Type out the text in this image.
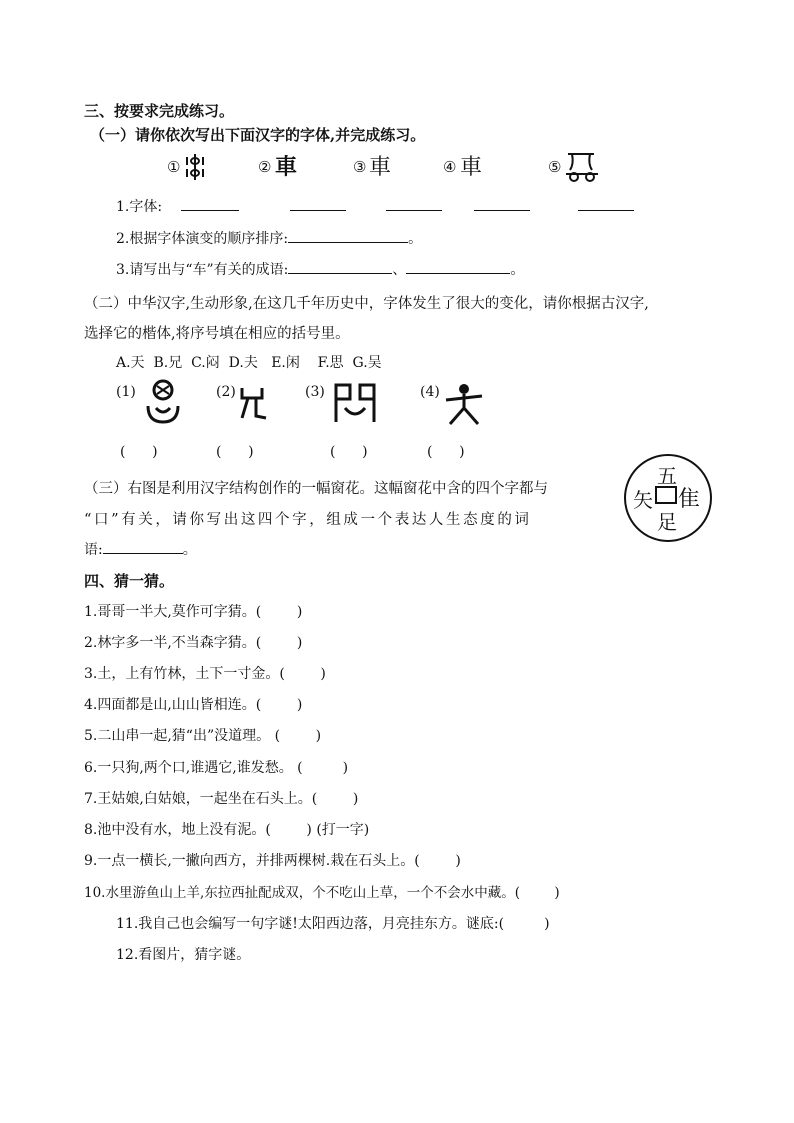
三、按要求完成练习。
（一）请你依次写出下面汉字的字体,并完成练习。
①	② 車	③ 車	④ 車	⑤
1.字体:
2.根据字体演变的顺序排序:	。
3.请写出与“车”有关的成语:	、	。
（二）中华汉字,生动形象,在这几千年历史中，字体发生了很大的变化，请你根据古汉字,
选择它的楷体,将序号填在相应的括号里。
A.天  B.兄  C.闷  D.夫   E.闲    F.思  G.吴
(1)	(2)	(3)	(4)
(      )	(      )	(      )	(      )
（三）右图是利用汉字结构创作的一幅窗花。这幅窗花中含的四个字都与
“口”有关，请你写出这四个字，组成一个表达人生态度的词
语:	。
五
矢 隹
足
四、猜一猜。
1.哥哥一半大,莫作可字猜。(        )
2.林字多一半,不当森字猜。(        )
3.土，上有竹林，土下一寸金。(        )
4.四面都是山,山山皆相连。(        )
5.二山串一起,猜“出”没道理。 (        )
6.一只狗,两个口,谁遇它,谁发愁。 (         )
7.王姑娘,白姑娘，一起坐在石头上。(        )
8.池中没有水，地上没有泥。(        ) (打一字)
9.一点一横长,一撇向西方，并排两棵树.栽在石头上。(        )
10.水里游鱼山上羊,东拉西扯配成双，个不吃山上草，一个不会水中藏。(        )
11.我自己也会编写一句字谜!太阳西边落，月亮挂东方。谜底:(         )
12.看图片，猜字谜。
